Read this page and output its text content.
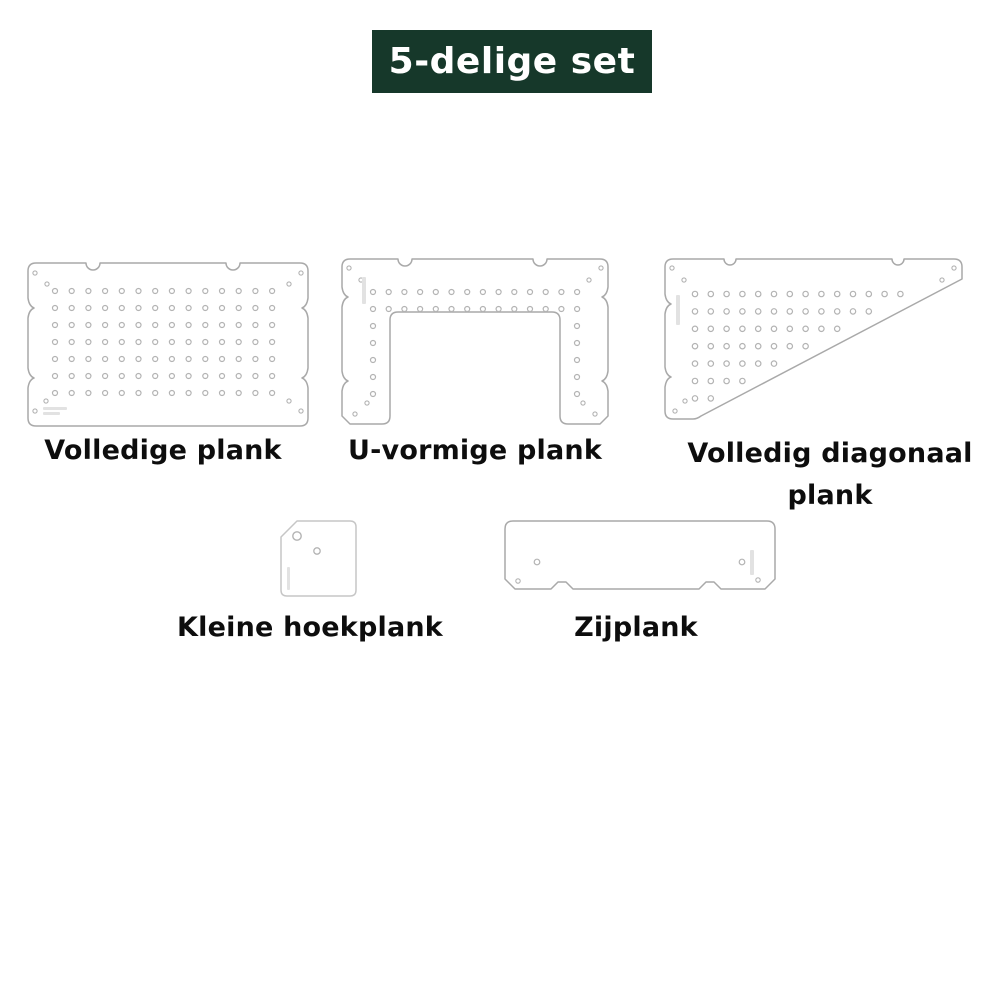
5-delige set
Volledige plank	U-vormige plank	Volledig diagonaal plank
Kleine hoekplank	Zijplank
